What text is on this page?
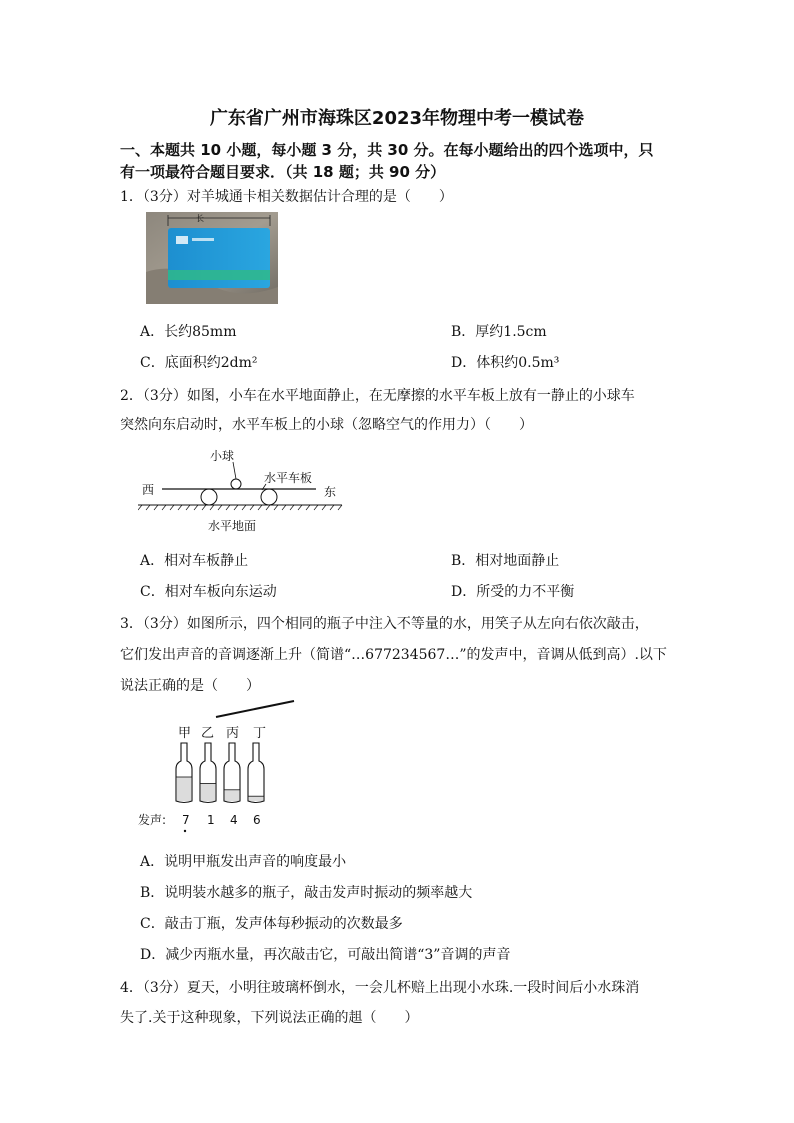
广东省广州市海珠区2023年物理中考一模试卷
一、本题共 10 小题，每小题 3 分，共 30 分。在每小题给出的四个选项中，只
有一项最符合题目要求．（共 18 题；共 90 分）
1．（3分）对羊城通卡相关数据估计合理的是（　　）
长
A．长约85mm	B．厚约1.5cm
C．底面积约2dm²	D．体积约0.5m³
2．（3分）如图，小车在水平地面静止，在无摩擦的水平车板上放有一静止的小球车
突然向东启动时，水平车板上的小球（忽略空气的作用力）（　　）
小球
水平车板
西	东
水平地面
A．相对车板静止	B．相对地面静止
C．相对车板向东运动	D．所受的力不平衡
3．（3分）如图所示，四个相同的瓶子中注入不等量的水，用笑子从左向右依次敲击，
它们发出声音的音调逐渐上升（简谱“…677234567…”的发声中，音调从低到高）.以下
说法正确的是（　　）
甲 乙 丙 丁
发声: 7 1 4 6
A．说明甲瓶发出声音的响度最小
B．说明装水越多的瓶子，敲击发声时振动的频率越大
C．敲击丁瓶，发声体每秒振动的次数最多
D．减少丙瓶水量，再次敲击它，可敲出简谱“3”音调的声音
4．（3分）夏天，小明往玻璃杯倒水，一会儿杯赔上出现小水珠.一段时间后小水珠消
失了.关于这种现象，下列说法正确的趄（　　）
